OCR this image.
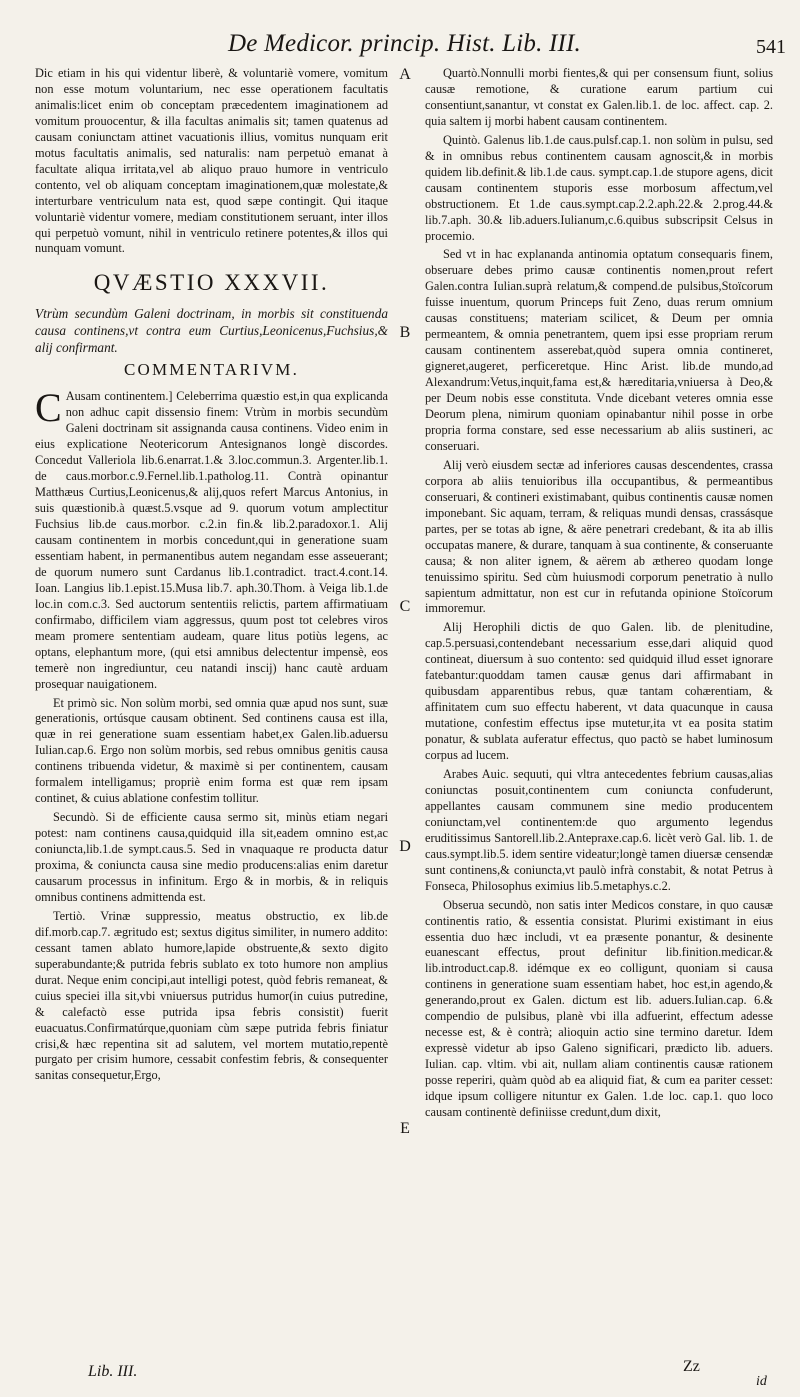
De Medicor. princip. Hist. Lib. III.	541

Dic etiam in his qui videntur liberè, & voluntariè vomere, vomitum non esse motum voluntarium, nec esse operationem facultatis animalis:licet enim ob conceptam præcedentem imaginationem ad vomitum prouocentur, & illa facultas animalis sit; tamen quatenus ad causam coniunctam attinet vacuationis illius, vomitus nunquam erit motus facultatis animalis, sed naturalis: nam perpetuò emanat à facultate aliqua irritata,vel ab aliquo prauo humore in ventriculo contento, vel ob aliquam conceptam imaginationem,quæ molestate,& interturbare ventriculum nata est, quod sæpe contingit. Qui itaque voluntariè videntur vomere, mediam constitutionem seruant, inter illos qui perpetuò vomunt, nihil in ventriculo retinere potentes,& illos qui nunquam vomunt.

QVÆSTIO XXXVII.

Vtrùm secundùm Galeni doctrinam, in morbis sit constituenda causa continens,vt contra eum Curtius,Leonicenus,Fuchsius,& alij confirmant.

COMMENTARIVM.

C Ausam continentem.] Celeberrima quæstio est,in qua explicanda non adhuc capit dissensio finem: Vtrùm in morbis secundùm Galeni doctrinam sit assignanda causa continens. Video enim in eius explicatione Neotericorum Antesignanos longè discordes. Concedut Valleriola lib.6.enarrat.1.& 3.loc.commun.3. Argenter.lib.1. de caus.morbor.c.9.Fernel.lib.1.patholog.11. Contrà opinantur Matthæus Curtius,Leonicenus,& alij,quos refert Marcus Antonius, in suis quæstionib.à quæst.5.vsque ad 9. quorum votum amplectitur Fuchsius lib.de caus.morbor. c.2.in fin.& lib.2.paradoxor.1. Alij causam continentem in morbis concedunt,qui in generatione suam essentiam habent, in permanentibus autem negandam esse asseuerant; de quorum numero sunt Cardanus lib.1.contradict. tract.4.cont.14. Ioan. Langius lib.1.epist.15.Musa lib.7. aph.30.Thom. à Veiga lib.1.de loc.in com.c.3. Sed auctorum sententiis relictis, partem affirmatiuam confirmabo, difficilem viam aggressus, quum post tot celebres viros meam promere sententiam audeam, quare litus potiùs legens, ac optans, elephantum more, (qui etsi amnibus delectentur impensè, eos temerè non ingrediuntur, ceu natandi inscij) hanc cautè arduam prosequar nauigationem.

Et primò sic. Non solùm morbi, sed omnia quæ apud nos sunt, suæ generationis, ortúsque causam obtinent. Sed continens causa est illa, quæ in rei generatione suam essentiam habet,ex Galen.lib.aduersu Iulian.cap.6. Ergo non solùm morbis, sed rebus omnibus genitis causa continens tribuenda videtur, & maximè si per continentem, causam formalem intelligamus; propriè enim forma est quæ rem ipsam continet, & cuius ablatione confestim tollitur.

Secundò. Si de efficiente causa sermo sit, minùs etiam negari potest: nam continens causa,quidquid illa sit,eadem omnino est,ac coniuncta,lib.1.de sympt.caus.5. Sed in vnaquaque re producta datur proxima, & coniuncta causa sine medio producens:alias enim daretur causarum processus in infinitum. Ergo & in morbis, & in reliquis omnibus continens admittenda est.

Tertiò. Vrinæ suppressio, meatus obstructio, ex lib.de dif.morb.cap.7. ægritudo est; sextus digitus similiter, in numero addito: cessant tamen ablato humore,lapide obstruente,& sexto digito superabundante;& putrida febris sublato ex toto humore non amplius durat. Neque enim concipi,aut intelligi potest, quòd febris remaneat, & cuius speciei illa sit,vbi vniuersus putridus humor(in cuius putredine, & calefactò esse putrida ipsa febris consistit) fuerit euacuatus.Confirmatúrque,quoniam cùm sæpe putrida febris finiatur crisi,& hæc repentina sit ad salutem, vel mortem mutatio,repentè purgato per crisim humore, cessabit confestim febris, & consequenter sanitas consequetur,Ergo,

A
B
C
D
E

Quartò.Nonnulli morbi fientes,& qui per consensum fiunt, solius causæ remotione, & curatione earum partium cui consentiunt,sanantur, vt constat ex Galen.lib.1. de loc. affect. cap. 2. quia saltem ij morbi habent causam continentem.

Quintò. Galenus lib.1.de caus.pulsf.cap.1. non solùm in pulsu, sed & in omnibus rebus continentem causam agnoscit,& in morbis quidem lib.definit.& lib.1.de caus. sympt.cap.1.de stupore agens, dicit causam continentem stuporis esse morbosum affectum,vel obstructionem. Et 1.de caus.sympt.cap.2.2.aph.22.& 2.prog.44.& lib.7.aph. 30.& lib.aduers.Iulianum,c.6.quibus subscripsit Celsus in procemio.

Sed vt in hac explananda antinomia optatum consequaris finem, obseruare debes primo causæ continentis nomen,prout refert Galen.contra Iulian.suprà relatum,& compend.de pulsibus,Stoïcorum fuisse inuentum, quorum Princeps fuit Zeno, duas rerum omnium causas constituens; materiam scilicet, & Deum per omnia permeantem, & omnia penetrantem, quem ipsi esse propriam rerum causam continentem asserebat,quòd supera omnia contineret, gigneret,augeret, perficeretque. Hinc Arist. lib.de mundo,ad Alexandrum:Vetus,inquit,fama est,& hæreditaria,vniuersa à Deo,& per Deum nobis esse constituta. Vnde dicebant veteres omnia esse Deorum plena, nimirum quoniam opinabantur nihil posse in orbe propria forma constare, sed esse necessarium ab aliis sustineri, ac conseruari.

Alij verò eiusdem sectæ ad inferiores causas descendentes, crassa corpora ab aliis tenuioribus illa occupantibus, & permeantibus conseruari, & contineri existimabant, quibus continentis causæ nomen imponebant. Sic aquam, terram, & reliquas mundi densas, crassásque partes, per se totas ab igne, & aëre penetrari credebant, & ita ab illis occupatas manere, & durare, tanquam à sua continente, & conseruante causa; & non aliter ignem, & aërem ab æthereo quodam longe tenuissimo spiritu. Sed cùm huiusmodi corporum penetratio à nullo sapientum admittatur, non est cur in refutanda opinione Stoïcorum immoremur.

Alij Herophili dictis de quo Galen. lib. de plenitudine, cap.5.persuasi,contendebant necessarium esse,dari aliquid quod contineat, diuersum à suo contento: sed quidquid illud esset ignorare fatebantur:quoddam tamen causæ genus dari affirmabant in quibusdam apparentibus rebus, quæ tantam cohærentiam, & affinitatem cum suo effectu haberent, vt data quacunque in causa mutatione, confestim effectus ipse mutetur,ita vt ea posita statim ponatur, & sublata auferatur effectus, quo pactò se habet luminosum corpus ad lucem.

Arabes Auic. sequuti, qui vltra antecedentes febrium causas,alias coniunctas posuit,continentem cum coniuncta confuderunt, appellantes causam communem sine medio producentem coniunctam,vel continentem:de quo argumento legendus eruditissimus Santorell.lib.2.Antepraxe.cap.6. licèt verò Gal. lib. 1. de caus.sympt.lib.5. idem sentire videatur;longè tamen diuersæ censendæ sunt continens,& coniuncta,vt paulò infrà constabit, & notat Petrus à Fonseca, Philosophus eximius lib.5.metaphys.c.2.

Obserua secundò, non satis inter Medicos constare, in quo causæ continentis ratio, & essentia consistat. Plurimi existimant in eius essentia duo hæc includi, vt ea præsente ponantur, & desinente euanescant effectus, prout definitur lib.finition.medicar.& lib.introduct.cap.8. idémque ex eo colligunt, quoniam si causa continens in generatione suam essentiam habet, hoc est,in agendo,& generando,prout ex Galen. dictum est lib. aduers.Iulian.cap. 6.& compendio de pulsibus, planè vbi illa adfuerint, effectum adesse necesse est, & è contrà; alioquin actio sine termino daretur. Idem expressè videtur ab ipso Galeno significari, prædicto lib. aduers. Iulian. cap. vltim. vbi ait, nullam aliam continentis causæ rationem posse reperiri, quàm quòd ab ea aliquid fiat, & cum ea pariter cesset: idque ipsum colligere nituntur ex Galen. 1.de loc. cap.1. quo loco causam continentè definiisse credunt,dum dixit,

Lib. III.	Zz
id
